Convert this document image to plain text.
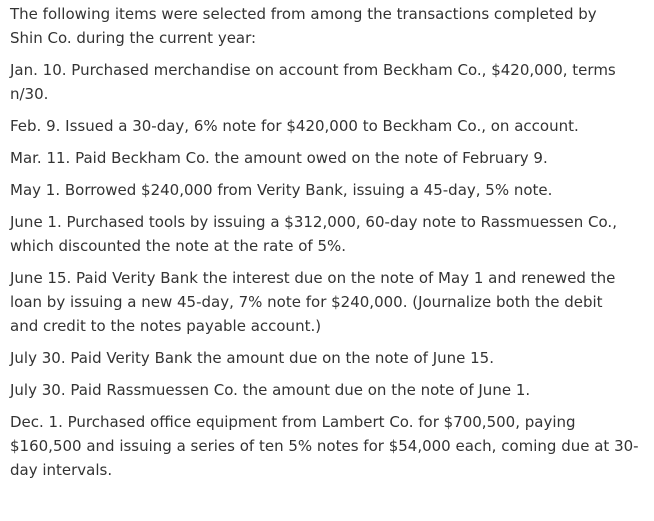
The following items were selected from among the transactions completed by
Shin Co. during the current year:

Jan. 10. Purchased merchandise on account from Beckham Co., $420,000, terms
n/30.

Feb. 9. Issued a 30-day, 6% note for $420,000 to Beckham Co., on account.

Mar. 11. Paid Beckham Co. the amount owed on the note of February 9.

May 1. Borrowed $240,000 from Verity Bank, issuing a 45-day, 5% note.

June 1. Purchased tools by issuing a $312,000, 60-day note to Rassmuessen Co.,
which discounted the note at the rate of 5%.

June 15. Paid Verity Bank the interest due on the note of May 1 and renewed the
loan by issuing a new 45-day, 7% note for $240,000. (Journalize both the debit
and credit to the notes payable account.)

July 30. Paid Verity Bank the amount due on the note of June 15.

July 30. Paid Rassmuessen Co. the amount due on the note of June 1.

Dec. 1. Purchased office equipment from Lambert Co. for $700,500, paying
$160,500 and issuing a series of ten 5% notes for $54,000 each, coming due at 30-
day intervals.
